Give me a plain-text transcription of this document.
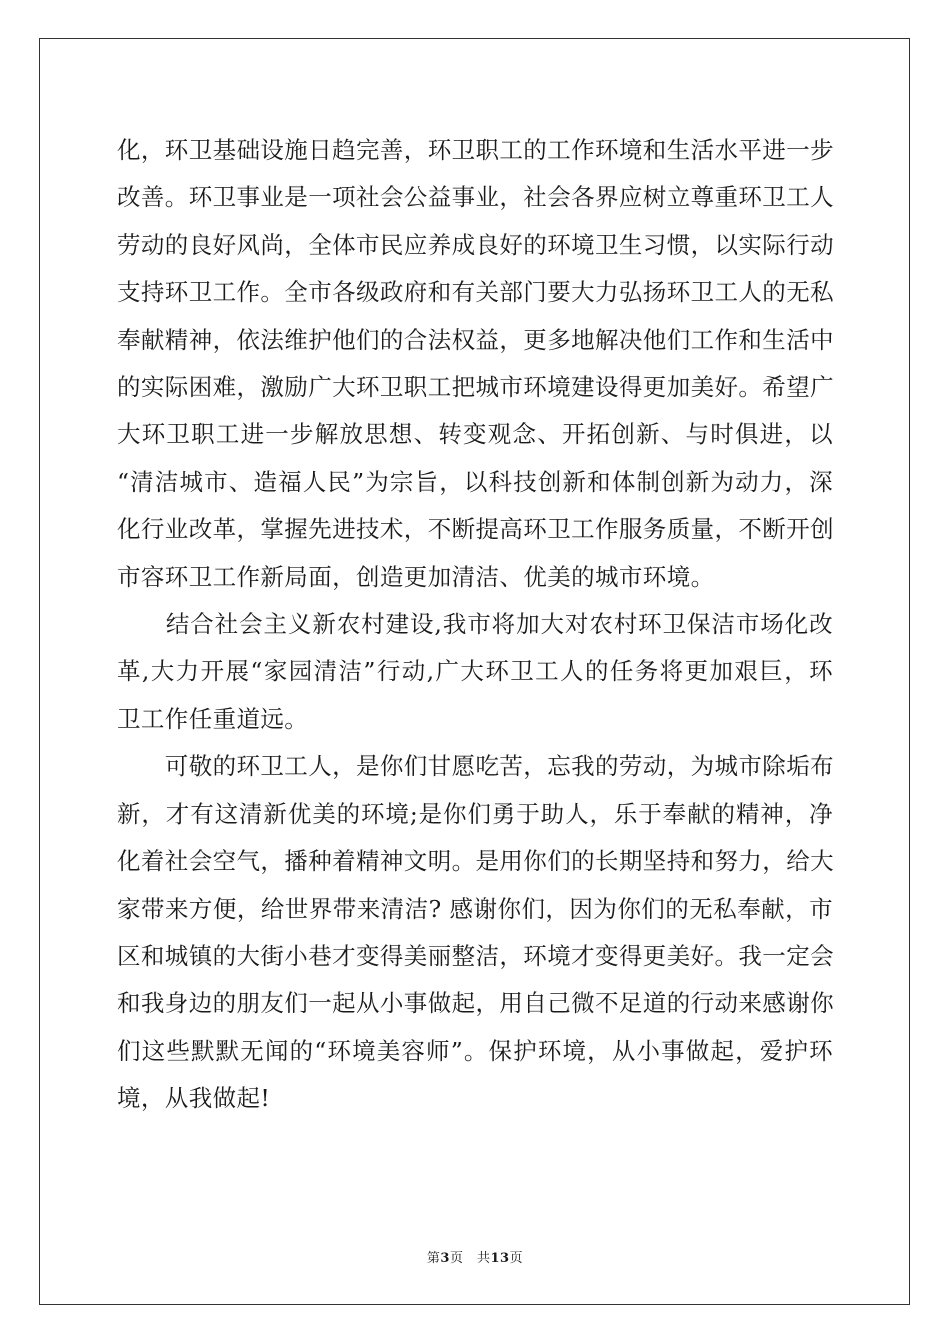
化，环卫基础设施日趋完善，环卫职工的工作环境和生活水平进一步
改善。环卫事业是一项社会公益事业，社会各界应树立尊重环卫工人
劳动的良好风尚，全体市民应养成良好的环境卫生习惯，以实际行动
支持环卫工作。全市各级政府和有关部门要大力弘扬环卫工人的无私
奉献精神，依法维护他们的合法权益，更多地解决他们工作和生活中
的实际困难，激励广大环卫职工把城市环境建设得更加美好。希望广
大环卫职工进一步解放思想、转变观念、开拓创新、与时俱进，以
“清洁城市、造福人民”为宗旨，以科技创新和体制创新为动力，深
化行业改革，掌握先进技术，不断提高环卫工作服务质量，不断开创
市容环卫工作新局面，创造更加清洁、优美的城市环境。

　　结合社会主义新农村建设,我市将加大对农村环卫保洁市场化改
革,大力开展“家园清洁”行动,广大环卫工人的任务将更加艰巨，环
卫工作任重道远。

　　可敬的环卫工人，是你们甘愿吃苦，忘我的劳动，为城市除垢布
新，才有这清新优美的环境;是你们勇于助人，乐于奉献的精神，净
化着社会空气，播种着精神文明。是用你们的长期坚持和努力，给大
家带来方便，给世界带来清洁? 感谢你们，因为你们的无私奉献，市
区和城镇的大街小巷才变得美丽整洁，环境才变得更美好。我一定会
和我身边的朋友们一起从小事做起，用自己微不足道的行动来感谢你
们这些默默无闻的“环境美容师”。保护环境，从小事做起，爱护环
境，从我做起!

第3页　共13页
